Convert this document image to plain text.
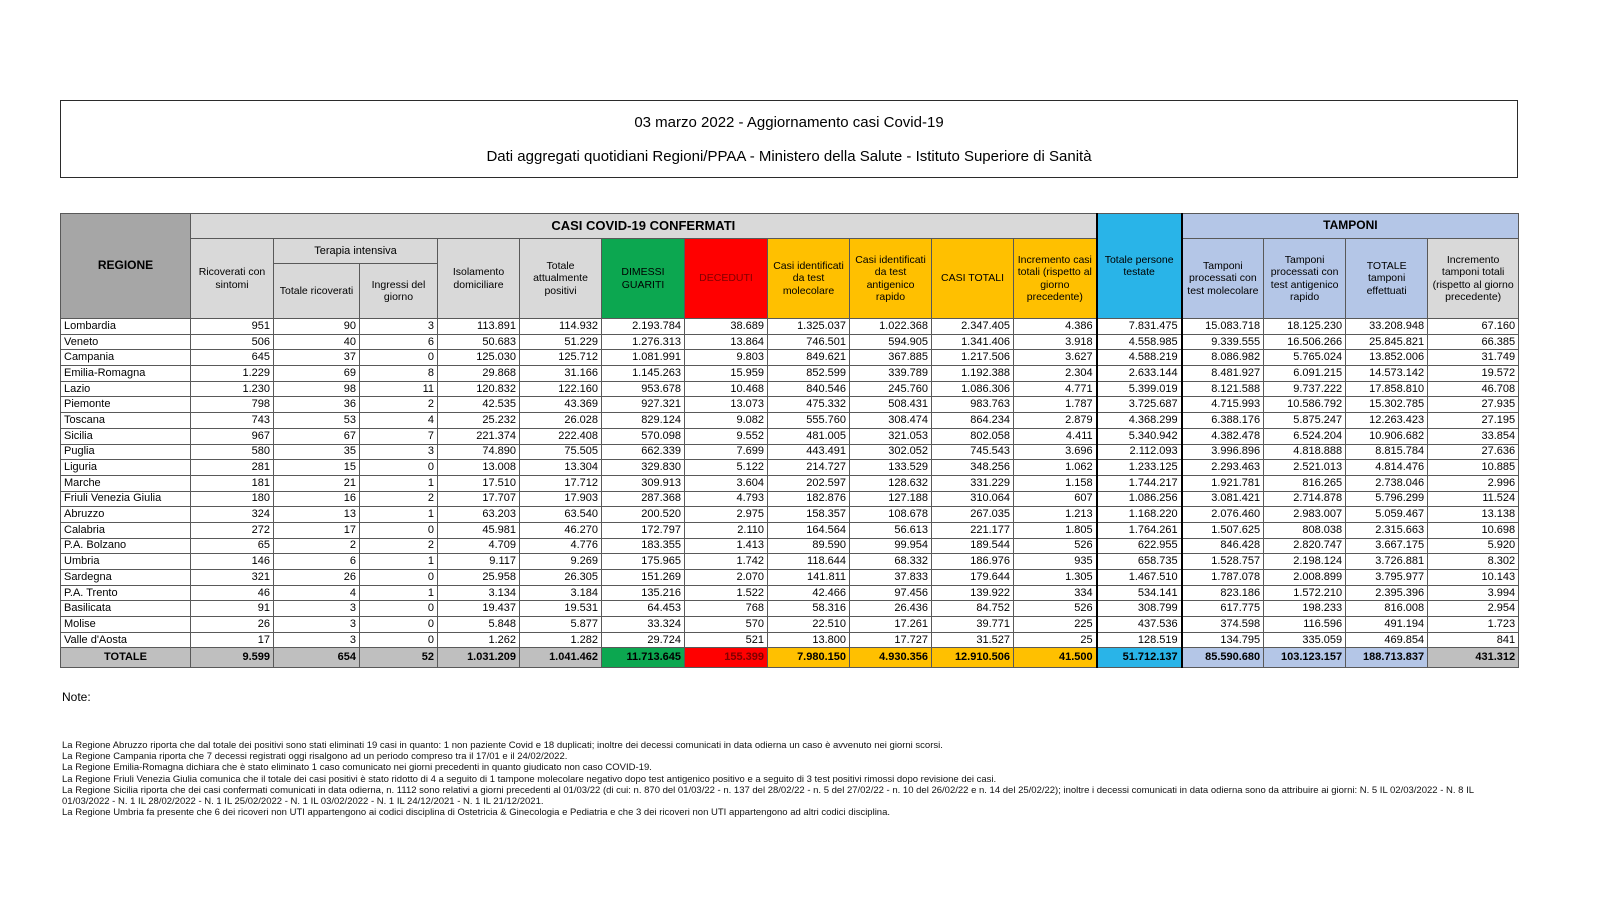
03 marzo 2022 - Aggiornamento casi Covid-19
Dati aggregati quotidiani Regioni/PPAA - Ministero della Salute - Istituto Superiore di Sanità
REGIONE	CASI COVID-19 CONFERMATI											Totale persone testate	TAMPONI			
	Ricoverati con sintomi	Terapia intensiva		Isolamento domiciliare	Totale attualmente positivi	DIMESSI GUARITI	DECEDUTI	Casi identificati da test molecolare	Casi identificati da test antigenico rapido	CASI TOTALI	Incremento casi totali (rispetto al giorno precedente)		Tamponi processati con test molecolare	Tamponi processati con test antigenico rapido	TOTALE tamponi effettuati	Incremento tamponi totali (rispetto al giorno precedente)
		Totale ricoverati	Ingressi del giorno													
Lombardia	951	90	3	113.891	114.932	2.193.784	38.689	1.325.037	1.022.368	2.347.405	4.386	7.831.475	15.083.718	18.125.230	33.208.948	67.160
Veneto	506	40	6	50.683	51.229	1.276.313	13.864	746.501	594.905	1.341.406	3.918	4.558.985	9.339.555	16.506.266	25.845.821	66.385
Campania	645	37	0	125.030	125.712	1.081.991	9.803	849.621	367.885	1.217.506	3.627	4.588.219	8.086.982	5.765.024	13.852.006	31.749
Emilia-Romagna	1.229	69	8	29.868	31.166	1.145.263	15.959	852.599	339.789	1.192.388	2.304	2.633.144	8.481.927	6.091.215	14.573.142	19.572
Lazio	1.230	98	11	120.832	122.160	953.678	10.468	840.546	245.760	1.086.306	4.771	5.399.019	8.121.588	9.737.222	17.858.810	46.708
Piemonte	798	36	2	42.535	43.369	927.321	13.073	475.332	508.431	983.763	1.787	3.725.687	4.715.993	10.586.792	15.302.785	27.935
Toscana	743	53	4	25.232	26.028	829.124	9.082	555.760	308.474	864.234	2.879	4.368.299	6.388.176	5.875.247	12.263.423	27.195
Sicilia	967	67	7	221.374	222.408	570.098	9.552	481.005	321.053	802.058	4.411	5.340.942	4.382.478	6.524.204	10.906.682	33.854
Puglia	580	35	3	74.890	75.505	662.339	7.699	443.491	302.052	745.543	3.696	2.112.093	3.996.896	4.818.888	8.815.784	27.636
Liguria	281	15	0	13.008	13.304	329.830	5.122	214.727	133.529	348.256	1.062	1.233.125	2.293.463	2.521.013	4.814.476	10.885
Marche	181	21	1	17.510	17.712	309.913	3.604	202.597	128.632	331.229	1.158	1.744.217	1.921.781	816.265	2.738.046	2.996
Friuli Venezia Giulia	180	16	2	17.707	17.903	287.368	4.793	182.876	127.188	310.064	607	1.086.256	3.081.421	2.714.878	5.796.299	11.524
Abruzzo	324	13	1	63.203	63.540	200.520	2.975	158.357	108.678	267.035	1.213	1.168.220	2.076.460	2.983.007	5.059.467	13.138
Calabria	272	17	0	45.981	46.270	172.797	2.110	164.564	56.613	221.177	1.805	1.764.261	1.507.625	808.038	2.315.663	10.698
P.A. Bolzano	65	2	2	4.709	4.776	183.355	1.413	89.590	99.954	189.544	526	622.955	846.428	2.820.747	3.667.175	5.920
Umbria	146	6	1	9.117	9.269	175.965	1.742	118.644	68.332	186.976	935	658.735	1.528.757	2.198.124	3.726.881	8.302
Sardegna	321	26	0	25.958	26.305	151.269	2.070	141.811	37.833	179.644	1.305	1.467.510	1.787.078	2.008.899	3.795.977	10.143
P.A. Trento	46	4	1	3.134	3.184	135.216	1.522	42.466	97.456	139.922	334	534.141	823.186	1.572.210	2.395.396	3.994
Basilicata	91	3	0	19.437	19.531	64.453	768	58.316	26.436	84.752	526	308.799	617.775	198.233	816.008	2.954
Molise	26	3	0	5.848	5.877	33.324	570	22.510	17.261	39.771	225	437.536	374.598	116.596	491.194	1.723
Valle d'Aosta	17	3	0	1.262	1.282	29.724	521	13.800	17.727	31.527	25	128.519	134.795	335.059	469.854	841
TOTALE	9.599	654	52	1.031.209	1.041.462	11.713.645	155.399	7.980.150	4.930.356	12.910.506	41.500	51.712.137	85.590.680	103.123.157	188.713.837	431.312
Note:
La Regione Abruzzo riporta che dal totale dei positivi sono stati eliminati 19 casi in quanto: 1 non paziente Covid e 18 duplicati; inoltre dei decessi comunicati in data odierna un caso è avvenuto nei giorni scorsi.
La Regione Campania riporta che 7 decessi registrati oggi risalgono ad un periodo compreso tra il 17/01 e il 24/02/2022.
La Regione Emilia-Romagna dichiara che è stato eliminato 1 caso comunicato nei giorni precedenti in quanto giudicato non caso COVID-19.
La Regione Friuli Venezia Giulia comunica che il totale dei casi positivi è stato ridotto di 4 a seguito di 1 tampone molecolare negativo dopo test antigenico positivo e a seguito di 3 test positivi rimossi dopo revisione dei casi.
La Regione Sicilia riporta che dei casi confermati comunicati in data odierna, n. 1112 sono relativi a giorni precedenti al 01/03/22 (di cui: n. 870 del 01/03/22 - n. 137 del 28/02/22 - n. 5 del 27/02/22 - n. 10 del 26/02/22 e n. 14 del 25/02/22); inoltre i decessi comunicati in data odierna sono da attribuire ai giorni: N. 5 IL 02/03/2022 - N. 8 IL 01/03/2022 - N. 1 IL 28/02/2022 - N. 1 IL 25/02/2022 - N. 1 IL 03/02/2022 - N. 1 IL 24/12/2021 - N. 1 IL 21/12/2021.
La Regione Umbria fa presente che 6 dei ricoveri non UTI appartengono ai codici disciplina di Ostetricia & Ginecologia e Pediatria e che 3 dei ricoveri non UTI appartengono ad altri codici disciplina.
